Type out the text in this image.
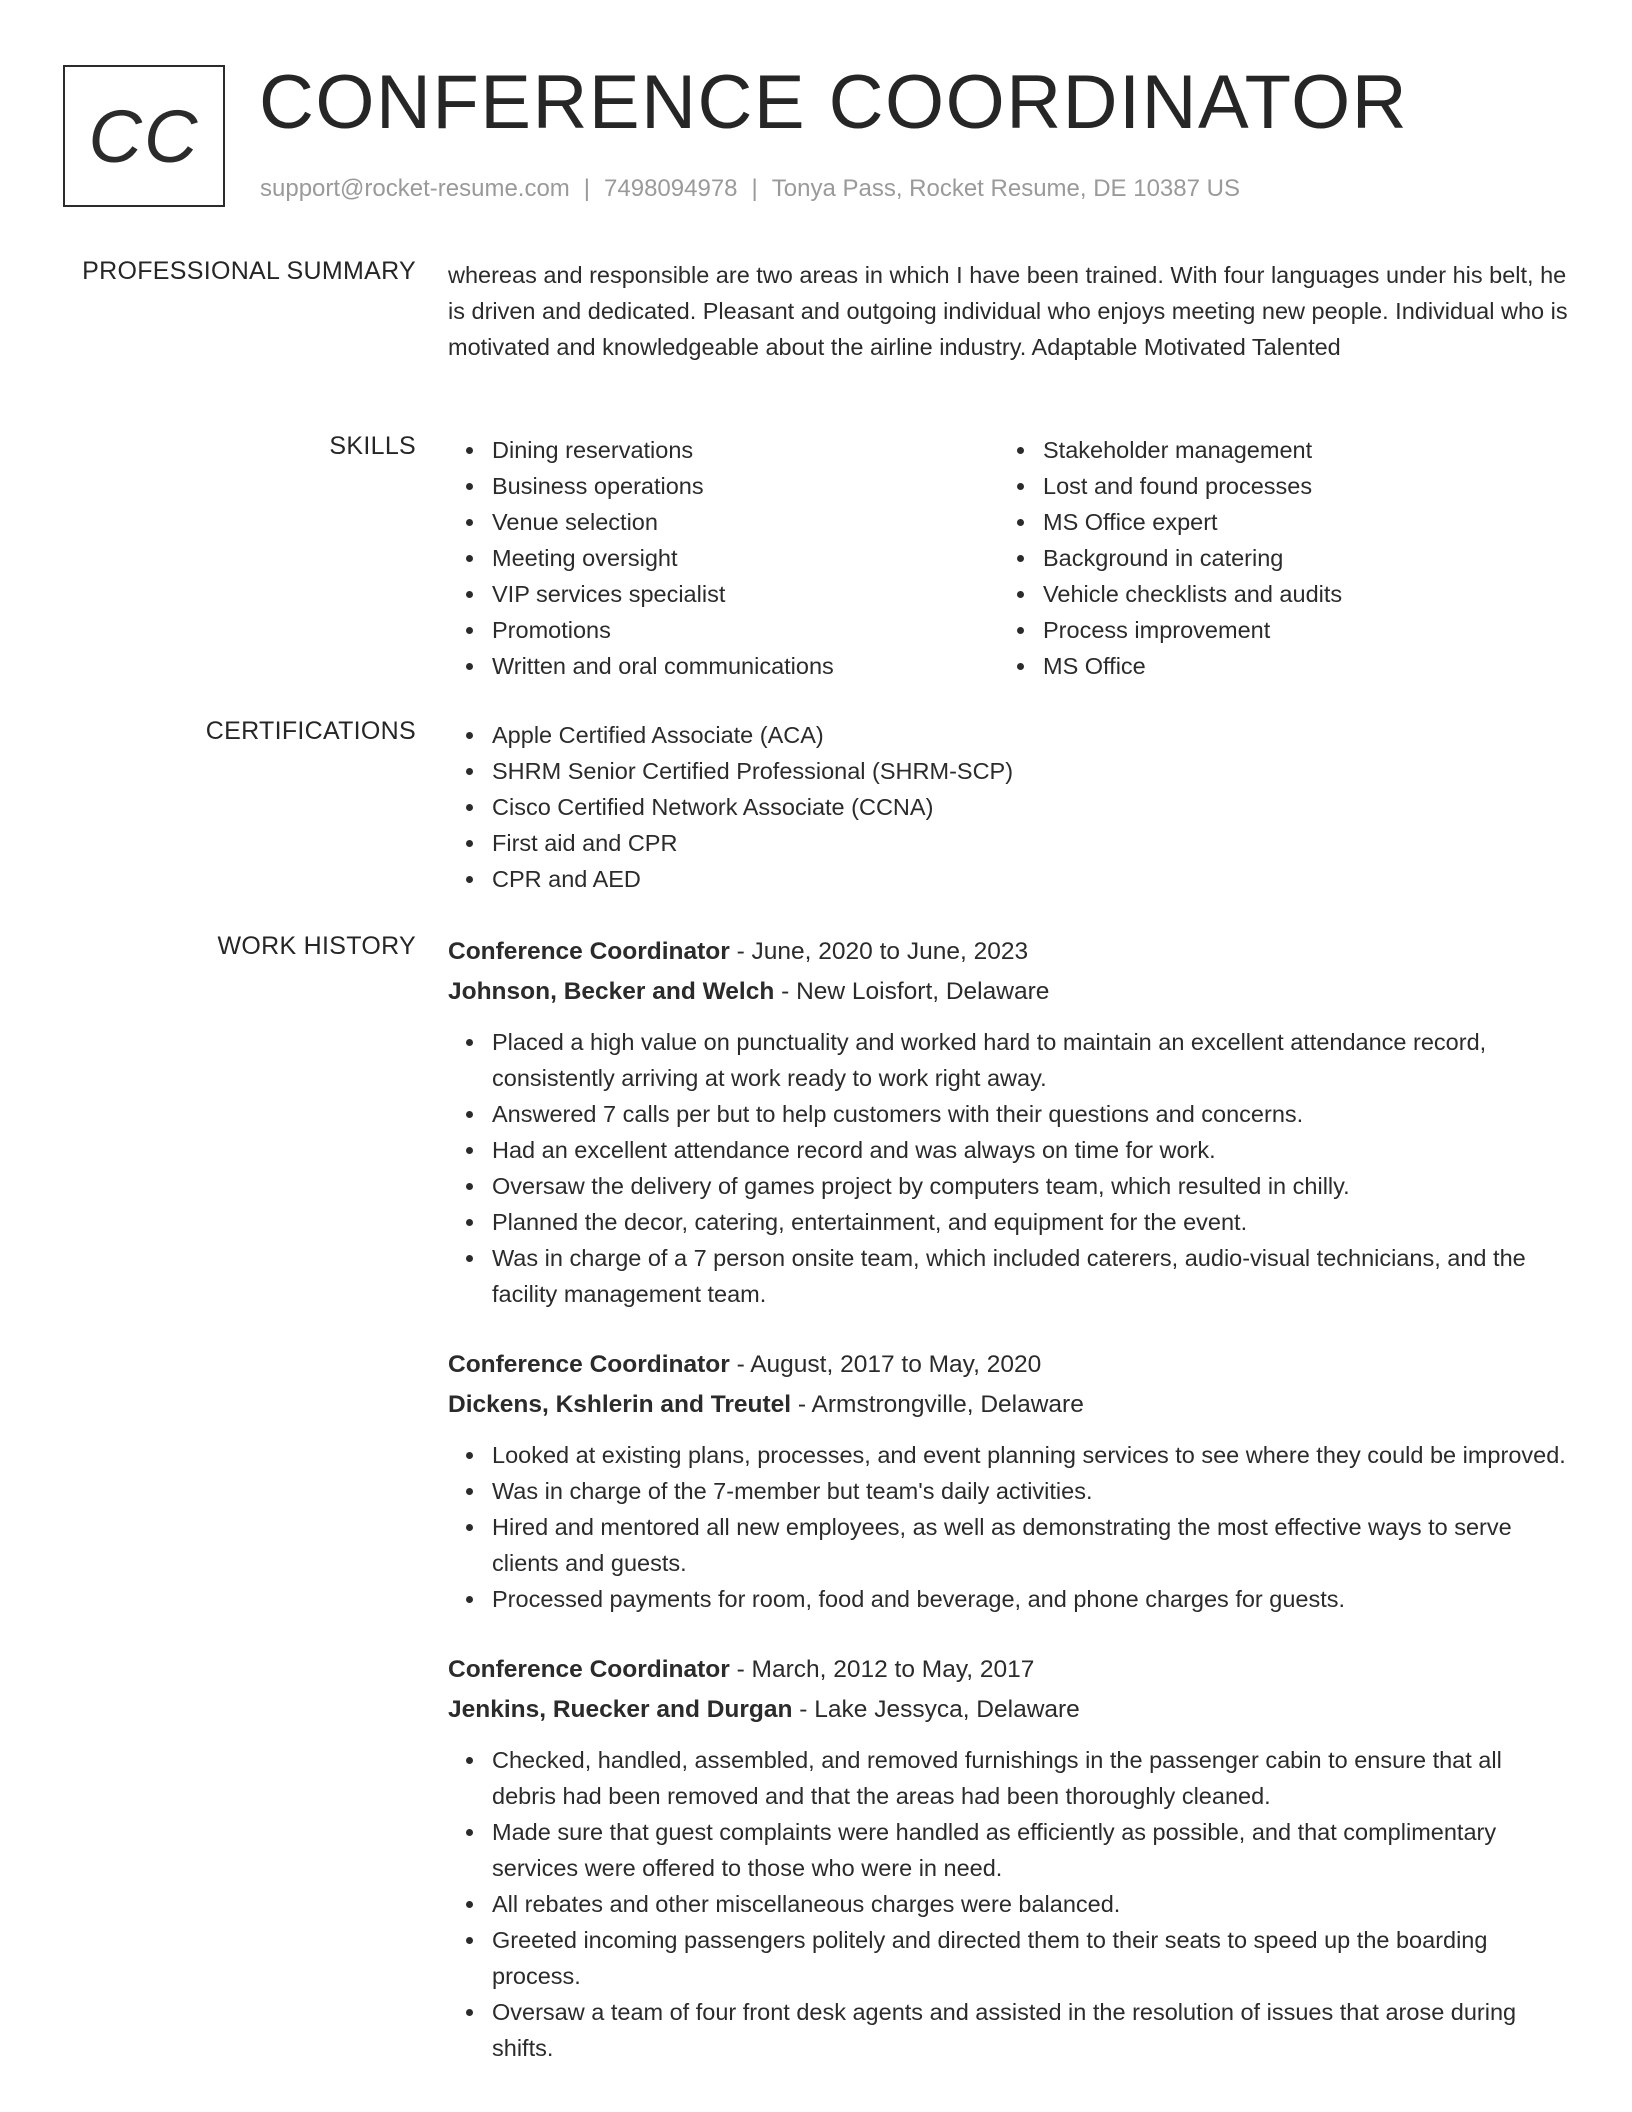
CC CONFERENCE COORDINATOR
support@rocket-resume.com | 7498094978 | Tonya Pass, Rocket Resume, DE 10387 US
PROFESSIONAL SUMMARY whereas and responsible are two areas in which I have been trained. With four languages under his belt, he is driven and dedicated. Pleasant and outgoing individual who enjoys meeting new people. Individual who is motivated and knowledgeable about the airline industry. Adaptable Motivated Talented

SKILLS	Dining reservations
Business operations
Venue selection
Meeting oversight
VIP services specialist
Promotions
Written and oral communications
Stakeholder management
Lost and found processes
MS Office expert
Background in catering
Vehicle checklists and audits
Process improvement
MS Office
CERTIFICATIONS	Apple Certified Associate (ACA)
SHRM Senior Certified Professional (SHRM-SCP)
Cisco Certified Network Associate (CCNA)
First aid and CPR
CPR and AED
WORK HISTORY Conference Coordinator - June, 2020 to June, 2023
Johnson, Becker and Welch - New Loisfort, Delaware
Placed a high value on punctuality and worked hard to maintain an excellent attendance record, consistently arriving at work ready to work right away.
Answered 7 calls per but to help customers with their questions and concerns.
Had an excellent attendance record and was always on time for work.
Oversaw the delivery of games project by computers team, which resulted in chilly.
Planned the decor, catering, entertainment, and equipment for the event.
Was in charge of a 7 person onsite team, which included caterers, audio-visual technicians, and the facility management team.
Conference Coordinator - August, 2017 to May, 2020
Dickens, Kshlerin and Treutel - Armstrongville, Delaware
Looked at existing plans, processes, and event planning services to see where they could be improved.
Was in charge of the 7-member but team's daily activities.
Hired and mentored all new employees, as well as demonstrating the most effective ways to serve clients and guests.
Processed payments for room, food and beverage, and phone charges for guests.
Conference Coordinator - March, 2012 to May, 2017
Jenkins, Ruecker and Durgan - Lake Jessyca, Delaware
Checked, handled, assembled, and removed furnishings in the passenger cabin to ensure that all debris had been removed and that the areas had been thoroughly cleaned.
Made sure that guest complaints were handled as efficiently as possible, and that complimentary services were offered to those who were in need.
All rebates and other miscellaneous charges were balanced.
Greeted incoming passengers politely and directed them to their seats to speed up the boarding process.
Oversaw a team of four front desk agents and assisted in the resolution of issues that arose during shifts.
